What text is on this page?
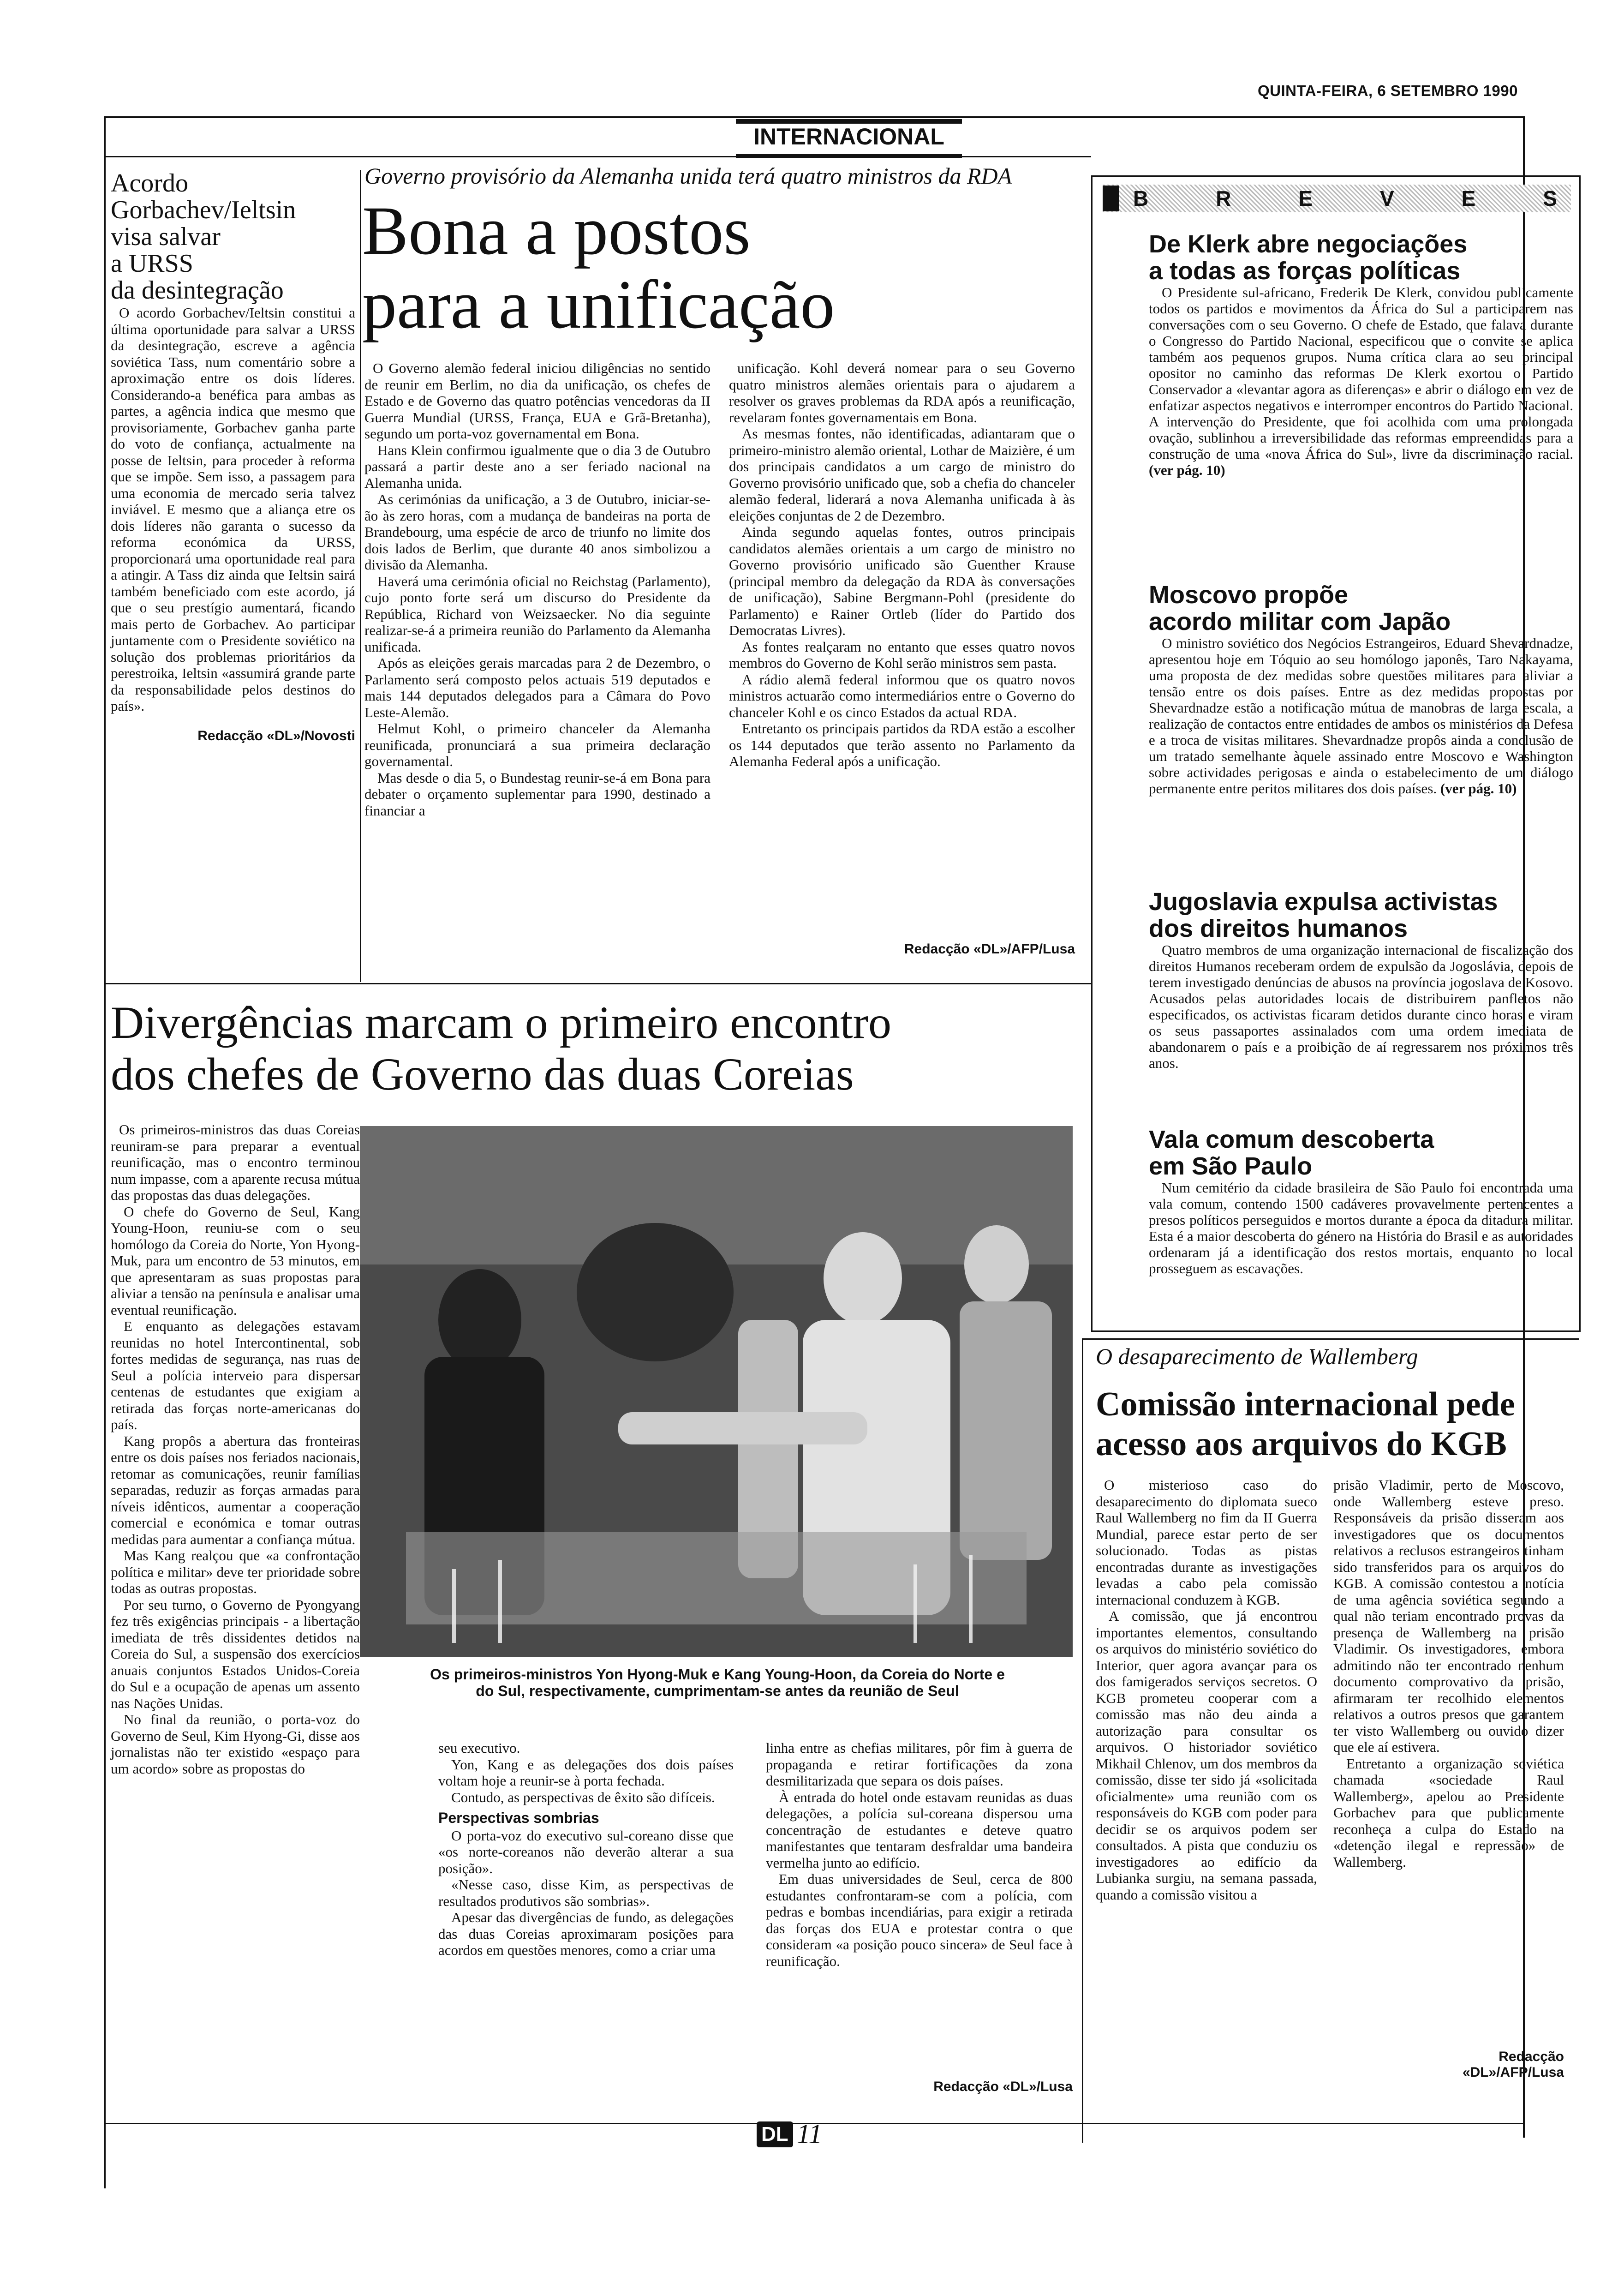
QUINTA-FEIRA, 6 SETEMBRO 1990
INTERNACIONAL
Acordo
Gorbachev/Ieltsin
visa salvar
a URSS
da desintegração

O acordo Gorbachev/Ieltsin constitui a última oportunidade para salvar a URSS da desintegração, escreve a agência soviética Tass, num comentário sobre a aproximação entre os dois líderes. Considerando-a benéfica para ambas as partes, a agência indica que mesmo que provisoriamente, Gorbachev ganha parte do voto de confiança, actualmente na posse de Ieltsin, para proceder à reforma que se impõe. Sem isso, a passagem para uma economia de mercado seria talvez inviável. E mesmo que a aliança etre os dois líderes não garanta o sucesso da reforma económica da URSS, proporcionará uma oportunidade real para a atingir. A Tass diz ainda que Ieltsin sairá também beneficiado com este acordo, já que o seu prestígio aumentará, ficando mais perto de Gorbachev. Ao participar juntamente com o Presidente soviético na solução dos problemas prioritários da perestroika, Ieltsin «assumirá grande parte da responsabilidade pelos destinos do país».

Redacção «DL»/Novosti
Governo provisório da Alemanha unida terá quatro ministros da RDA
Bona a postos
para a unificação

O Governo alemão federal iniciou diligências no sentido de reunir em Berlim, no dia da unificação, os chefes de Estado e de Governo das quatro potências vencedoras da II Guerra Mundial (URSS, França, EUA e Grã-Bretanha), segundo um porta-voz governamental em Bona.

Hans Klein confirmou igualmente que o dia 3 de Outubro passará a partir deste ano a ser feriado nacional na Alemanha unida.

As cerimónias da unificação, a 3 de Outubro, iniciar-se-ão às zero horas, com a mudança de bandeiras na porta de Brandebourg, uma espécie de arco de triunfo no limite dos dois lados de Berlim, que durante 40 anos simbolizou a divisão da Alemanha.

Haverá uma cerimónia oficial no Reichstag (Parlamento), cujo ponto forte será um discurso do Presidente da República, Richard von Weizsaecker. No dia seguinte realizar-se-á a primeira reunião do Parlamento da Alemanha unificada.

Após as eleições gerais marcadas para 2 de Dezembro, o Parlamento será composto pelos actuais 519 deputados e mais 144 deputados delegados para a Câmara do Povo Leste-Alemão.

Helmut Kohl, o primeiro chanceler da Alemanha reunificada, pronunciará a sua primeira declaração governamental.

Mas desde o dia 5, o Bundestag reunir-se-á em Bona para debater o orçamento suplementar para 1990, destinado a financiar a

unificação. Kohl deverá nomear para o seu Governo quatro ministros alemães orientais para o ajudarem a resolver os graves problemas da RDA após a reunificação, revelaram fontes governamentais em Bona.

As mesmas fontes, não identificadas, adiantaram que o primeiro-ministro alemão oriental, Lothar de Maizière, é um dos principais candidatos a um cargo de ministro do Governo provisório unificado que, sob a chefia do chanceler alemão federal, liderará a nova Alemanha unificada à às eleições conjuntas de 2 de Dezembro.

Ainda segundo aquelas fontes, outros principais candidatos alemães orientais a um cargo de ministro no Governo provisório unificado são Guenther Krause (principal membro da delegação da RDA às conversações de unificação), Sabine Bergmann-Pohl (presidente do Parlamento) e Rainer Ortleb (líder do Partido dos Democratas Livres).

As fontes realçaram no entanto que esses quatro novos membros do Governo de Kohl serão ministros sem pasta.

A rádio alemã federal informou que os quatro novos ministros actuarão como intermediários entre o Governo do chanceler Kohl e os cinco Estados da actual RDA.

Entretanto os principais partidos da RDA estão a escolher os 144 deputados que terão assento no Parlamento da Alemanha Federal após a unificação.

Redacção «DL»/AFP/Lusa
B	R	E	V	E	S
De Klerk abre negociações
a todas as forças políticas

O Presidente sul-africano, Frederik De Klerk, convidou publicamente todos os partidos e movimentos da África do Sul a participarem nas conversações com o seu Governo. O chefe de Estado, que falava durante o Congresso do Partido Nacional, especificou que o convite se aplica também aos pequenos grupos. Numa crítica clara ao seu principal opositor no caminho das reformas De Klerk exortou o Partido Conservador a «levantar agora as diferenças» e abrir o diálogo em vez de enfatizar aspectos negativos e interromper encontros do Partido Nacional. A intervenção do Presidente, que foi acolhida com uma prolongada ovação, sublinhou a irreversibilidade das reformas empreendidas para a construção de uma «nova África do Sul», livre da discriminação racial. (ver pág. 10)

Moscovo propõe
acordo militar com Japão

O ministro soviético dos Negócios Estrangeiros, Eduard Shevardnadze, apresentou hoje em Tóquio ao seu homólogo japonês, Taro Nakayama, uma proposta de dez medidas sobre questões militares para aliviar a tensão entre os dois países. Entre as dez medidas propostas por Shevardnadze estão a notificação mútua de manobras de larga escala, a realização de contactos entre entidades de ambos os ministérios da Defesa e a troca de visitas militares. Shevardnadze propôs ainda a conclusão de um tratado semelhante àquele assinado entre Moscovo e Washington sobre actividades perigosas e ainda o estabelecimento de um diálogo permanente entre peritos militares dos dois países. (ver pág. 10)

Jugoslavia expulsa activistas
dos direitos humanos

Quatro membros de uma organização internacional de fiscalização dos direitos Humanos receberam ordem de expulsão da Jogoslávia, depois de terem investigado denúncias de abusos na província jogoslava de Kosovo. Acusados pelas autoridades locais de distribuirem panfletos não especificados, os activistas ficaram detidos durante cinco horas e viram os seus passaportes assinalados com uma ordem imediata de abandonarem o país e a proibição de aí regressarem nos próximos três anos.

Vala comum descoberta
em São Paulo

Num cemitério da cidade brasileira de São Paulo foi encontrada uma vala comum, contendo 1500 cadáveres provavelmente pertencentes a presos políticos perseguidos e mortos durante a época da ditadura militar. Esta é a maior descoberta do género na História do Brasil e as autoridades ordenaram já a identificação dos restos mortais, enquanto no local prosseguem as escavações.

Divergências marcam o primeiro encontro
dos chefes de Governo das duas Coreias

Os primeiros-ministros das duas Coreias reuniram-se para preparar a eventual reunificação, mas o encontro terminou num impasse, com a aparente recusa mútua das propostas das duas delegações.

O chefe do Governo de Seul, Kang Young-Hoon, reuniu-se com o seu homólogo da Coreia do Norte, Yon Hyong-Muk, para um encontro de 53 minutos, em que apresentaram as suas propostas para aliviar a tensão na península e analisar uma eventual reunificação.

E enquanto as delegações estavam reunidas no hotel Intercontinental, sob fortes medidas de segurança, nas ruas de Seul a polícia interveio para dispersar centenas de estudantes que exigiam a retirada das forças norte-americanas do país.

Kang propôs a abertura das fronteiras entre os dois países nos feriados nacionais, retomar as comunicações, reunir famílias separadas, reduzir as forças armadas para níveis idênticos, aumentar a cooperação comercial e económica e tomar outras medidas para aumentar a confiança mútua.

Mas Kang realçou que «a confrontação política e militar» deve ter prioridade sobre todas as outras propostas.

Por seu turno, o Governo de Pyongyang fez três exigências principais - a libertação imediata de três dissidentes detidos na Coreia do Sul, a suspensão dos exercícios anuais conjuntos Estados Unidos-Coreia do Sul e a ocupação de apenas um assento nas Nações Unidas.

No final da reunião, o porta-voz do Governo de Seul, Kim Hyong-Gi, disse aos jornalistas não ter existido «espaço para um acordo» sobre as propostas do

Os primeiros-ministros Yon Hyong-Muk e Kang Young-Hoon, da Coreia do Norte e
do Sul, respectivamente, cumprimentam-se antes da reunião de Seul

seu executivo.

Yon, Kang e as delegações dos dois países voltam hoje a reunir-se à porta fechada.

Contudo, as perspectivas de êxito são difíceis.

Perspectivas sombrias

O porta-voz do executivo sul-coreano disse que «os norte-coreanos não deverão alterar a sua posição».

«Nesse caso, disse Kim, as perspectivas de resultados produtivos são sombrias».

Apesar das divergências de fundo, as delegações das duas Coreias aproximaram posições para acordos em questões menores, como a criar uma

linha entre as chefias militares, pôr fim à guerra de propaganda e retirar fortificações da zona desmilitarizada que separa os dois países.

À entrada do hotel onde estavam reunidas as duas delegações, a polícia sul-coreana dispersou uma concentração de estudantes e deteve quatro manifestantes que tentaram desfraldar uma bandeira vermelha junto ao edifício.

Em duas universidades de Seul, cerca de 800 estudantes confrontaram-se com a polícia, com pedras e bombas incendiárias, para exigir a retirada das forças dos EUA e protestar contra o que consideram «a posição pouco sincera» de Seul face à reunificação.

Redacção «DL»/Lusa
O desaparecimento de Wallemberg
Comissão internacional pede
acesso aos arquivos do KGB

O misterioso caso do desaparecimento do diplomata sueco Raul Wallemberg no fim da II Guerra Mundial, parece estar perto de ser solucionado. Todas as pistas encontradas durante as investigações levadas a cabo pela comissão internacional conduzem à KGB.

A comissão, que já encontrou importantes elementos, consultando os arquivos do ministério soviético do Interior, quer agora avançar para os dos famigerados serviços secretos. O KGB prometeu cooperar com a comissão mas não deu ainda a autorização para consultar os arquivos. O historiador soviético Mikhail Chlenov, um dos membros da comissão, disse ter sido já «solicitada oficialmente» uma reunião com os responsáveis do KGB com poder para decidir se os arquivos podem ser consultados. A pista que conduziu os investigadores ao edifício da Lubianka surgiu, na semana passada, quando a comissão visitou a

prisão Vladimir, perto de Moscovo, onde Wallemberg esteve preso. Responsáveis da prisão disseram aos investigadores que os documentos relativos a reclusos estrangeiros tinham sido transferidos para os arquivos do KGB. A comissão contestou a notícia de uma agência soviética segundo a qual não teriam encontrado provas da presença de Wallemberg na prisão Vladimir. Os investigadores, embora admitindo não ter encontrado nenhum documento comprovativo da prisão, afirmaram ter recolhido elementos relativos a outros presos que garantem ter visto Wallemberg ou ouvido dizer que ele aí estivera.

Entretanto a organização soviética chamada «sociedade Raul Wallemberg», apelou ao Presidente Gorbachev para que publicamente reconheça a culpa do Estado na «detenção ilegal e repressão» de Wallemberg.

Redacção
«DL»/AFP/Lusa
DL 11
